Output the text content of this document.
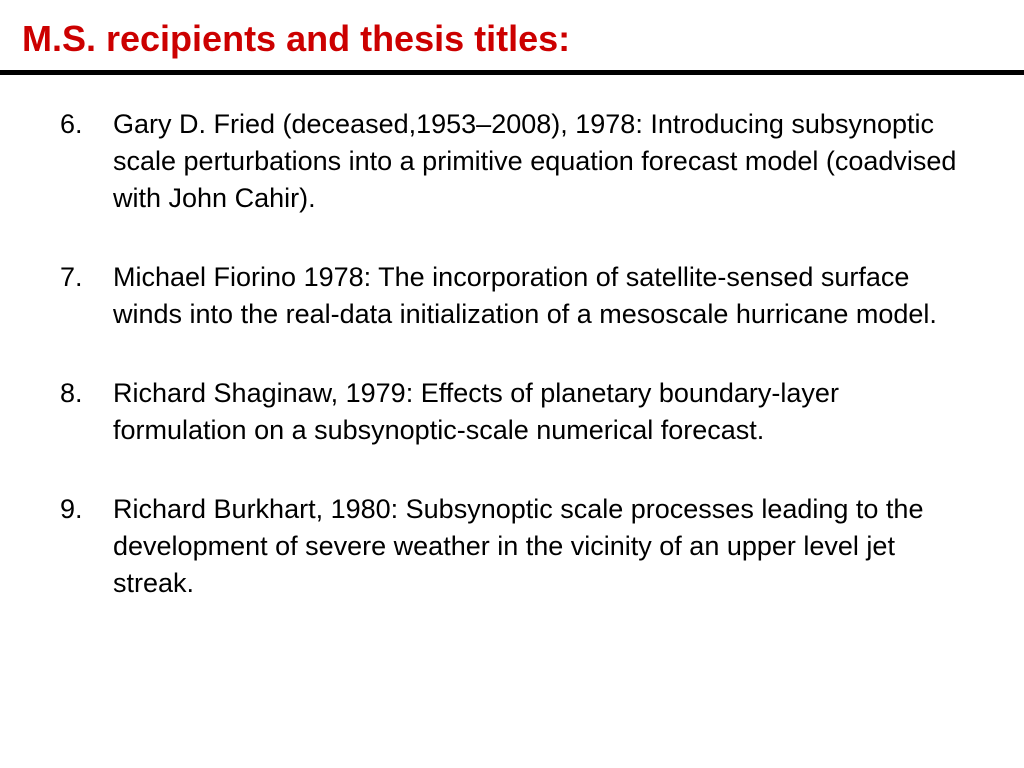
M.S. recipients and thesis titles:
6. Gary D. Fried (deceased,1953–2008), 1978: Introducing subsynoptic scale perturbations into a primitive equation forecast model (coadvised with John Cahir).
7. Michael Fiorino 1978: The incorporation of satellite-sensed surface winds into the real-data initialization of a mesoscale hurricane model.
8. Richard Shaginaw, 1979: Effects of planetary boundary-layer formulation on a subsynoptic-scale numerical forecast.
9. Richard Burkhart, 1980: Subsynoptic scale processes leading to the development of severe weather in the vicinity of an upper level jet streak.
